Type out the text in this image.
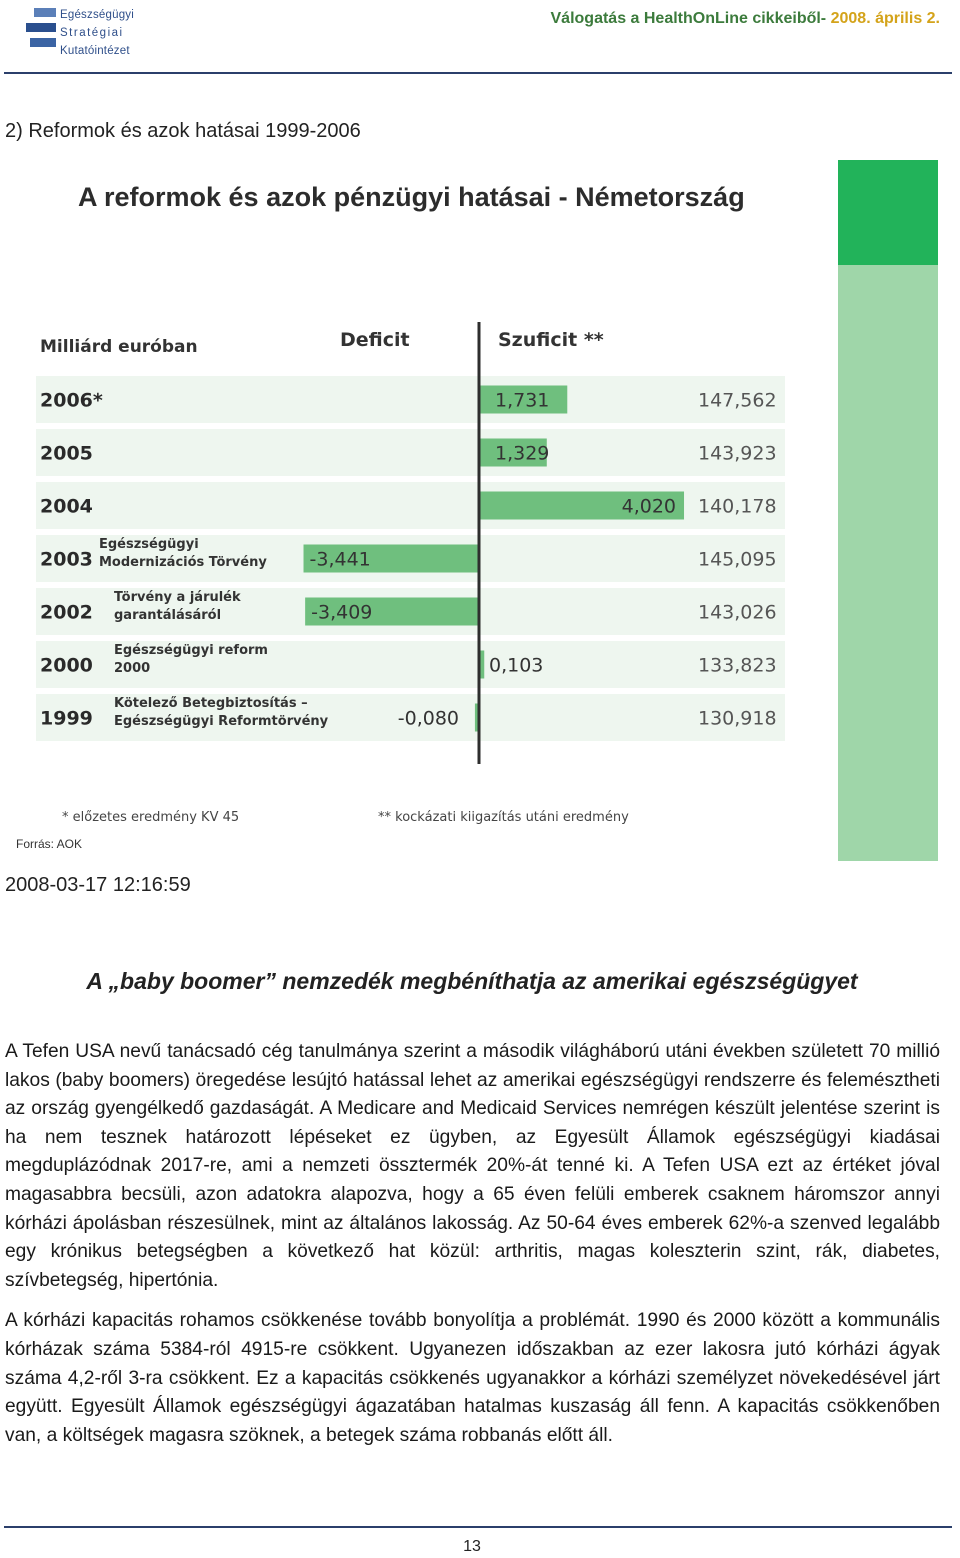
Egészségügyi
Stratégiai
Kutatóintézet
Válogatás a HealthOnLine cikkeiből- 2008. április 2.
2) Reformok és azok hatásai 1999-2006
A reformok és azok pénzügyi hatásai - Németország
Milliárd euróban	Deficit	Szuficit **
2006*	1,731	147,562
2005	1,329	143,923
2004	4,020 140,178
2003	-3,441	145,095
Egészségügyi
Modernizációs Törvény
2002	-3,409	143,026
Törvény a járulék
garantálásáról
2000	0,103	133,823
Egészségügyi reform
2000
1999	-0,080	130,918
Kötelező Betegbiztosítás –
Egészségügyi Reformtörvény
* előzetes eredmény KV 45	** kockázati kiigazítás utáni eredmény
Forrás: AOK
2008-03-17 12:16:59
A „baby boomer” nemzedék megbéníthatja az amerikai egészségügyet

A Tefen USA nevű tanácsadó cég tanulmánya szerint a második világháború utáni években született 70 millió lakos (baby boomers) öregedése lesújtó hatással lehet az amerikai egészségügyi rendszerre és felemésztheti az ország gyengélkedő gazdaságát. A Medicare and Medicaid Services nemrégen készült jelentése szerint is ha nem tesznek határozott lépéseket ez ügyben, az Egyesült Államok egészségügyi kiadásai megduplázódnak 2017-re, ami a nemzeti össztermék 20%-át tenné ki. A Tefen USA ezt az értéket jóval magasabbra becsüli, azon adatokra alapozva, hogy a 65 éven felüli emberek csaknem háromszor annyi kórházi ápolásban részesülnek, mint az általános lakosság. Az 50-64 éves emberek 62%-a szenved legalább egy krónikus betegségben a következő hat közül: arthritis, magas koleszterin szint, rák, diabetes, szívbetegség, hipertónia.

A kórházi kapacitás rohamos csökkenése tovább bonyolítja a problémát. 1990 és 2000 között a kommunális kórházak száma 5384-ról 4915-re csökkent. Ugyanezen időszakban az ezer lakosra jutó kórházi ágyak száma 4,2-ről 3-ra csökkent. Ez a kapacitás csökkenés ugyanakkor a kórházi személyzet növekedésével járt együtt. Egyesült Államok egészségügyi ágazatában hatalmas kuszaság áll fenn. A kapacitás csökkenőben van, a költségek magasra szöknek, a betegek száma robbanás előtt áll.

13
